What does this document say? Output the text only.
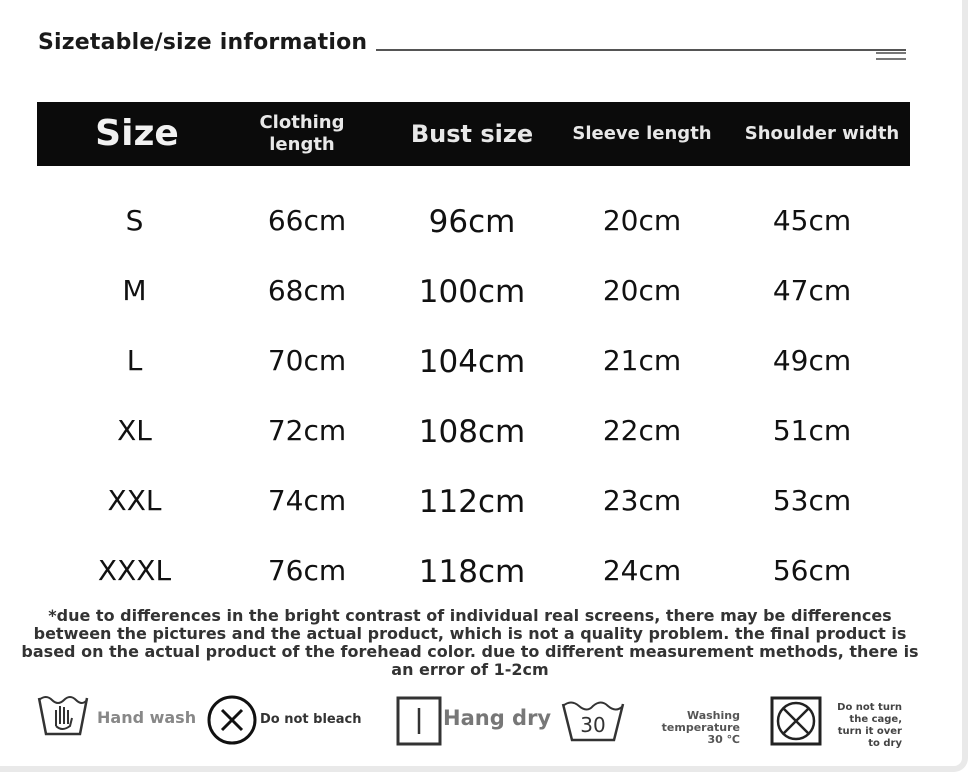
Sizetable/size information
Size	Clothing length	Bust size	Sleeve length	Shoulder width
S	66cm	96cm	20cm	45cm
M	68cm	100cm	20cm	47cm
L	70cm	104cm	21cm	49cm
XL	72cm	108cm	22cm	51cm
XXL	74cm	112cm	23cm	53cm
XXXL	76cm	118cm	24cm	56cm
*due to differences in the bright contrast of individual real screens, there may be differences between the pictures and the actual product, which is not a quality problem. the final product is based on the actual product of the forehead color. due to different measurement methods, there is an error of 1-2cm
Hand wash	Do not bleach	Hang dry 30	Washing temperature 30 ℃
Do not turn the cage, turn it over to dry
